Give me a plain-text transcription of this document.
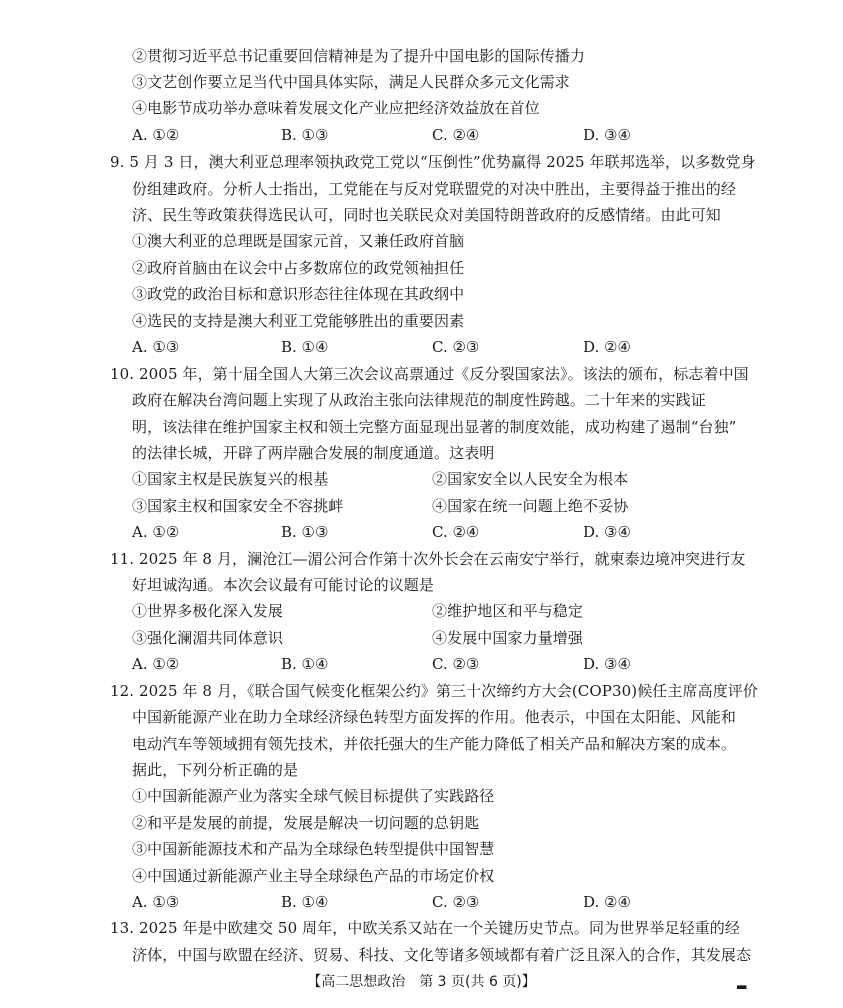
②贯彻习近平总书记重要回信精神是为了提升中国电影的国际传播力
③文艺创作要立足当代中国具体实际，满足人民群众多元文化需求
④电影节成功举办意味着发展文化产业应把经济效益放在首位
A. ①②	B. ①③	C. ②④	D. ③④
9. 5 月 3 日，澳大利亚总理率领执政党工党以“压倒性”优势赢得 2025 年联邦选举，以多数党身
份组建政府。分析人士指出，工党能在与反对党联盟党的对决中胜出，主要得益于推出的经
济、民生等政策获得选民认可，同时也关联民众对美国特朗普政府的反感情绪。由此可知
①澳大利亚的总理既是国家元首，又兼任政府首脑
②政府首脑由在议会中占多数席位的政党领袖担任
③政党的政治目标和意识形态往往体现在其政纲中
④选民的支持是澳大利亚工党能够胜出的重要因素
A. ①③	B. ①④	C. ②③	D. ②④
10. 2005 年，第十届全国人大第三次会议高票通过《反分裂国家法》。该法的颁布，标志着中国
政府在解决台湾问题上实现了从政治主张向法律规范的制度性跨越。二十年来的实践证
明，该法律在维护国家主权和领土完整方面显现出显著的制度效能，成功构建了遏制“台独”
的法律长城，开辟了两岸融合发展的制度通道。这表明
①国家主权是民族复兴的根基	②国家安全以人民安全为根本
③国家主权和国家安全不容挑衅	④国家在统一问题上绝不妥协
A. ①②	B. ①③	C. ②④	D. ③④
11. 2025 年 8 月，澜沧江—湄公河合作第十次外长会在云南安宁举行，就柬泰边境冲突进行友
好坦诚沟通。本次会议最有可能讨论的议题是
①世界多极化深入发展	②维护地区和平与稳定
③强化澜湄共同体意识	④发展中国家力量增强
A. ①②	B. ①④	C. ②③	D. ③④
12. 2025 年 8 月，《联合国气候变化框架公约》第三十次缔约方大会(COP30)候任主席高度评价
中国新能源产业在助力全球经济绿色转型方面发挥的作用。他表示，中国在太阳能、风能和
电动汽车等领域拥有领先技术，并依托强大的生产能力降低了相关产品和解决方案的成本。
据此，下列分析正确的是
①中国新能源产业为落实全球气候目标提供了实践路径
②和平是发展的前提，发展是解决一切问题的总钥匙
③中国新能源技术和产品为全球绿色转型提供中国智慧
④中国通过新能源产业主导全球绿色产品的市场定价权
A. ①③	B. ①④	C. ②③	D. ②④
13. 2025 年是中欧建交 50 周年，中欧关系又站在一个关键历史节点。同为世界举足轻重的经
济体，中国与欧盟在经济、贸易、科技、文化等诸多领域都有着广泛且深入的合作，其发展态
【高二思想政治　第 3 页(共 6 页)】	▂
